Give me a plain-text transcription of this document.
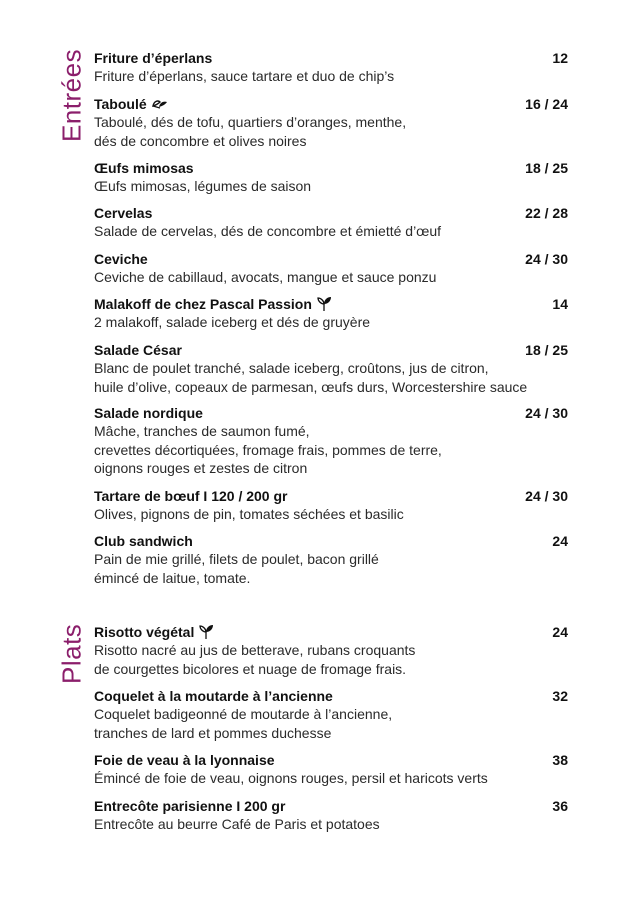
Entrées Friture d’éperlans	12
Friture d’éperlans, sauce tartare et duo de chip’s
Taboulé	16 / 24
Taboulé, dés de tofu, quartiers d’oranges, menthe,
dés de concombre et olives noires
Œufs mimosas	18 / 25
Œufs mimosas, légumes de saison
Cervelas	22 / 28
Salade de cervelas, dés de concombre et émietté d’œuf
Ceviche	24 / 30
Ceviche de cabillaud, avocats, mangue et sauce ponzu
Malakoff de chez Pascal Passion	14
2 malakoff, salade iceberg et dés de gruyère
Salade César	18 / 25
Blanc de poulet tranché, salade iceberg, croûtons, jus de citron,
huile d’olive, copeaux de parmesan, œufs durs, Worcestershire sauce
Salade nordique	24 / 30
Mâche, tranches de saumon fumé,
crevettes décortiquées, fromage frais, pommes de terre,
oignons rouges et zestes de citron
Tartare de bœuf I 120 / 200 gr	24 / 30
Olives, pignons de pin, tomates séchées et basilic
Club sandwich	24
Pain de mie grillé, filets de poulet, bacon grillé
émincé de laitue, tomate.
Plats Risotto végétal	24
Risotto nacré au jus de betterave, rubans croquants
de courgettes bicolores et nuage de fromage frais.
Coquelet à la moutarde à l’ancienne	32
Coquelet badigeonné de moutarde à l’ancienne,
tranches de lard et pommes duchesse
Foie de veau à la lyonnaise	38
Émincé de foie de veau, oignons rouges, persil et haricots verts
Entrecôte parisienne I 200 gr	36
Entrecôte au beurre Café de Paris et potatoes
